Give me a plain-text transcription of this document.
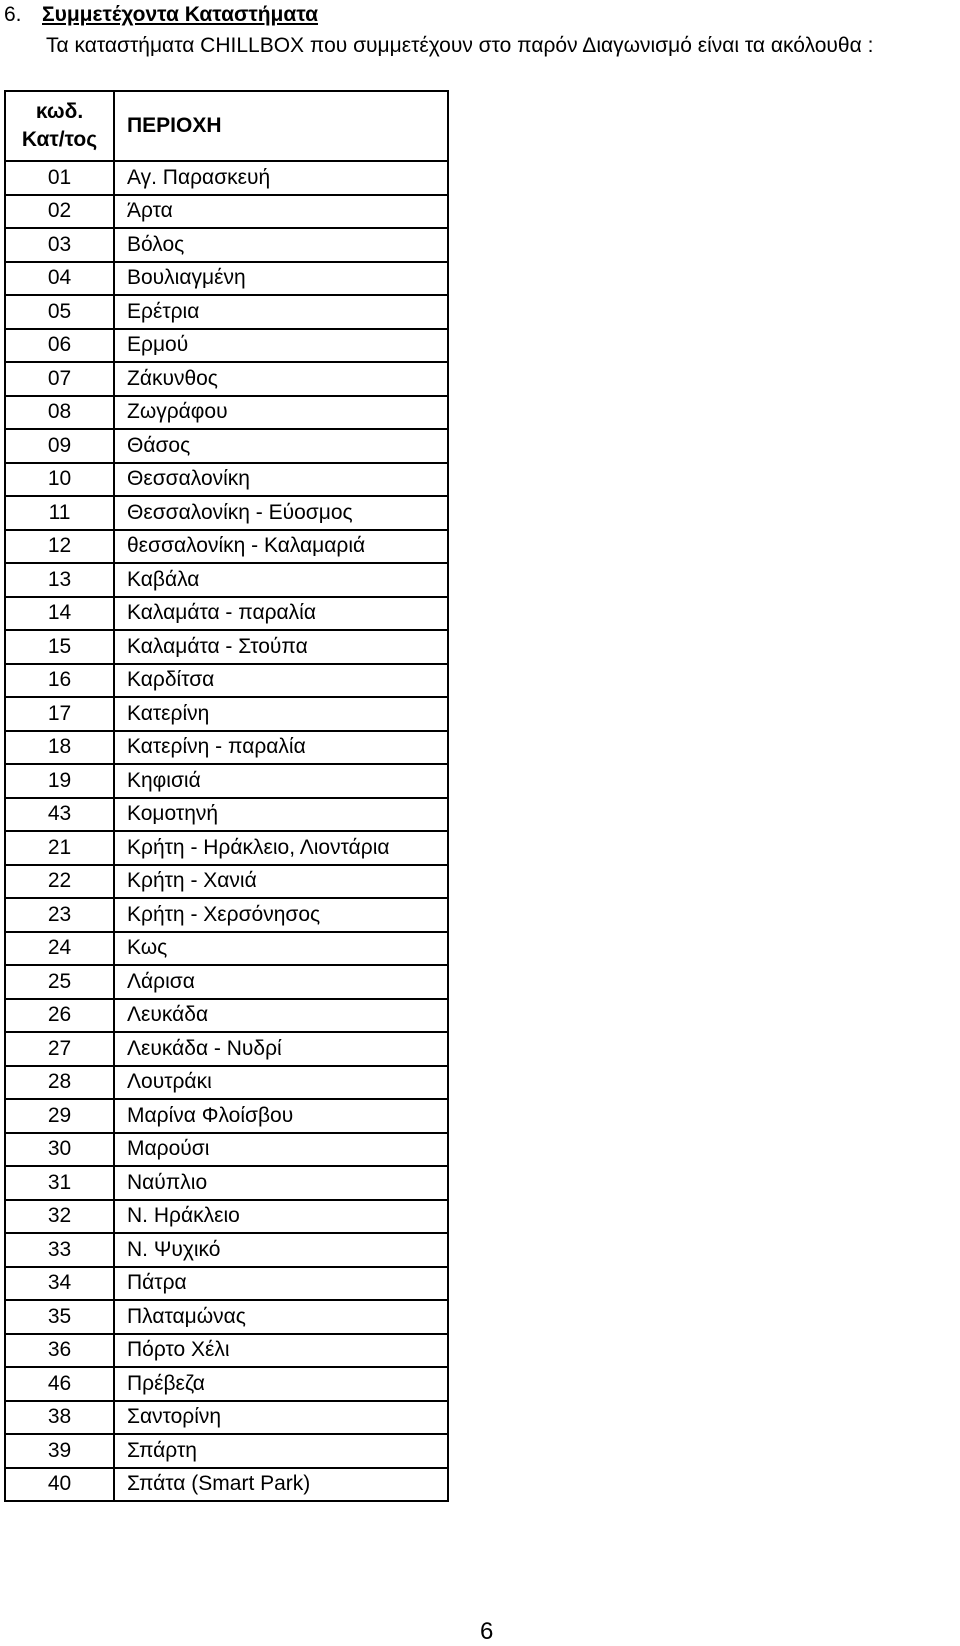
6. Συμμετέχοντα Καταστήματα
Τα καταστήματα CHILLBOX που συμμετέχουν στο παρόν Διαγωνισμό είναι τα ακόλουθα :
κωδ.
Κατ/τος	ΠΕΡΙΟΧΗ
01	Αγ. Παρασκευή
02	Άρτα
03	Βόλος
04	Βουλιαγμένη
05	Ερέτρια
06	Ερμού
07	Ζάκυνθος
08	Ζωγράφου
09	Θάσος
10	Θεσσαλονίκη
11	Θεσσαλονίκη - Εύοσμος
12	θεσσαλονίκη - Καλαμαριά
13	Καβάλα
14	Καλαμάτα - παραλία
15	Καλαμάτα - Στούπα
16	Καρδίτσα
17	Κατερίνη
18	Κατερίνη - παραλία
19	Κηφισιά
43	Κομοτηνή
21	Κρήτη - Ηράκλειο, Λιοντάρια
22	Κρήτη - Χανιά
23	Κρήτη - Χερσόνησος
24	Κως
25	Λάρισα
26	Λευκάδα
27	Λευκάδα - Νυδρί
28	Λουτράκι
29	Μαρίνα Φλοίσβου
30	Μαρούσι
31	Ναύπλιο
32	Ν. Ηράκλειο
33	Ν. Ψυχικό
34	Πάτρα
35	Πλαταμώνας
36	Πόρτο Χέλι
46	Πρέβεζα
38	Σαντορίνη
39	Σπάρτη
40	Σπάτα (Smart Park)
6
